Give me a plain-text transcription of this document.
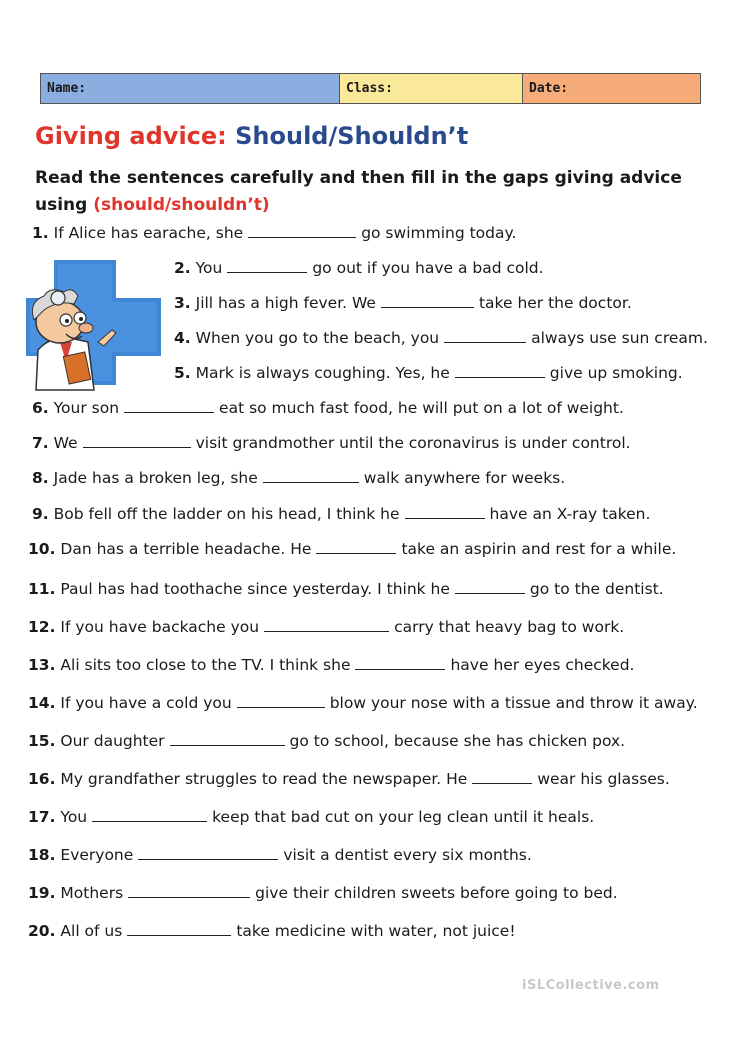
Name:	Class:	Date:
Giving advice: Should/Shouldn’t

Read the sentences carefully and then fill in the gaps giving advice using (should/shouldn’t)

1. If Alice has earache, she	go swimming today.
2. You	go out if you have a bad cold.
3. Jill has a high fever. We	take her the doctor.
4. When you go to the beach, you	always use sun cream.
5. Mark is always coughing. Yes, he	give up smoking.
6. Your son	eat so much fast food, he will put on a lot of weight.
7. We	visit grandmother until the coronavirus is under control.
8. Jade has a broken leg, she	walk anywhere for weeks.
9. Bob fell off the ladder on his head, I think he	have an X-ray taken.
10. Dan has a terrible headache. He	take an aspirin and rest for a while.
11. Paul has had toothache since yesterday. I think he	go to the dentist.
12. If you have backache you	carry that heavy bag to work.
13. Ali sits too close to the TV. I think she	have her eyes checked.
14. If you have a cold you	blow your nose with a tissue and throw it away.
15. Our daughter	go to school, because she has chicken pox.
16. My grandfather struggles to read the newspaper. He	wear his glasses.
17. You	keep that bad cut on your leg clean until it heals.
18. Everyone	visit a dentist every six months.
19. Mothers	give their children sweets before going to bed.
20. All of us	take medicine with water, not juice!
iSLCollective.com
